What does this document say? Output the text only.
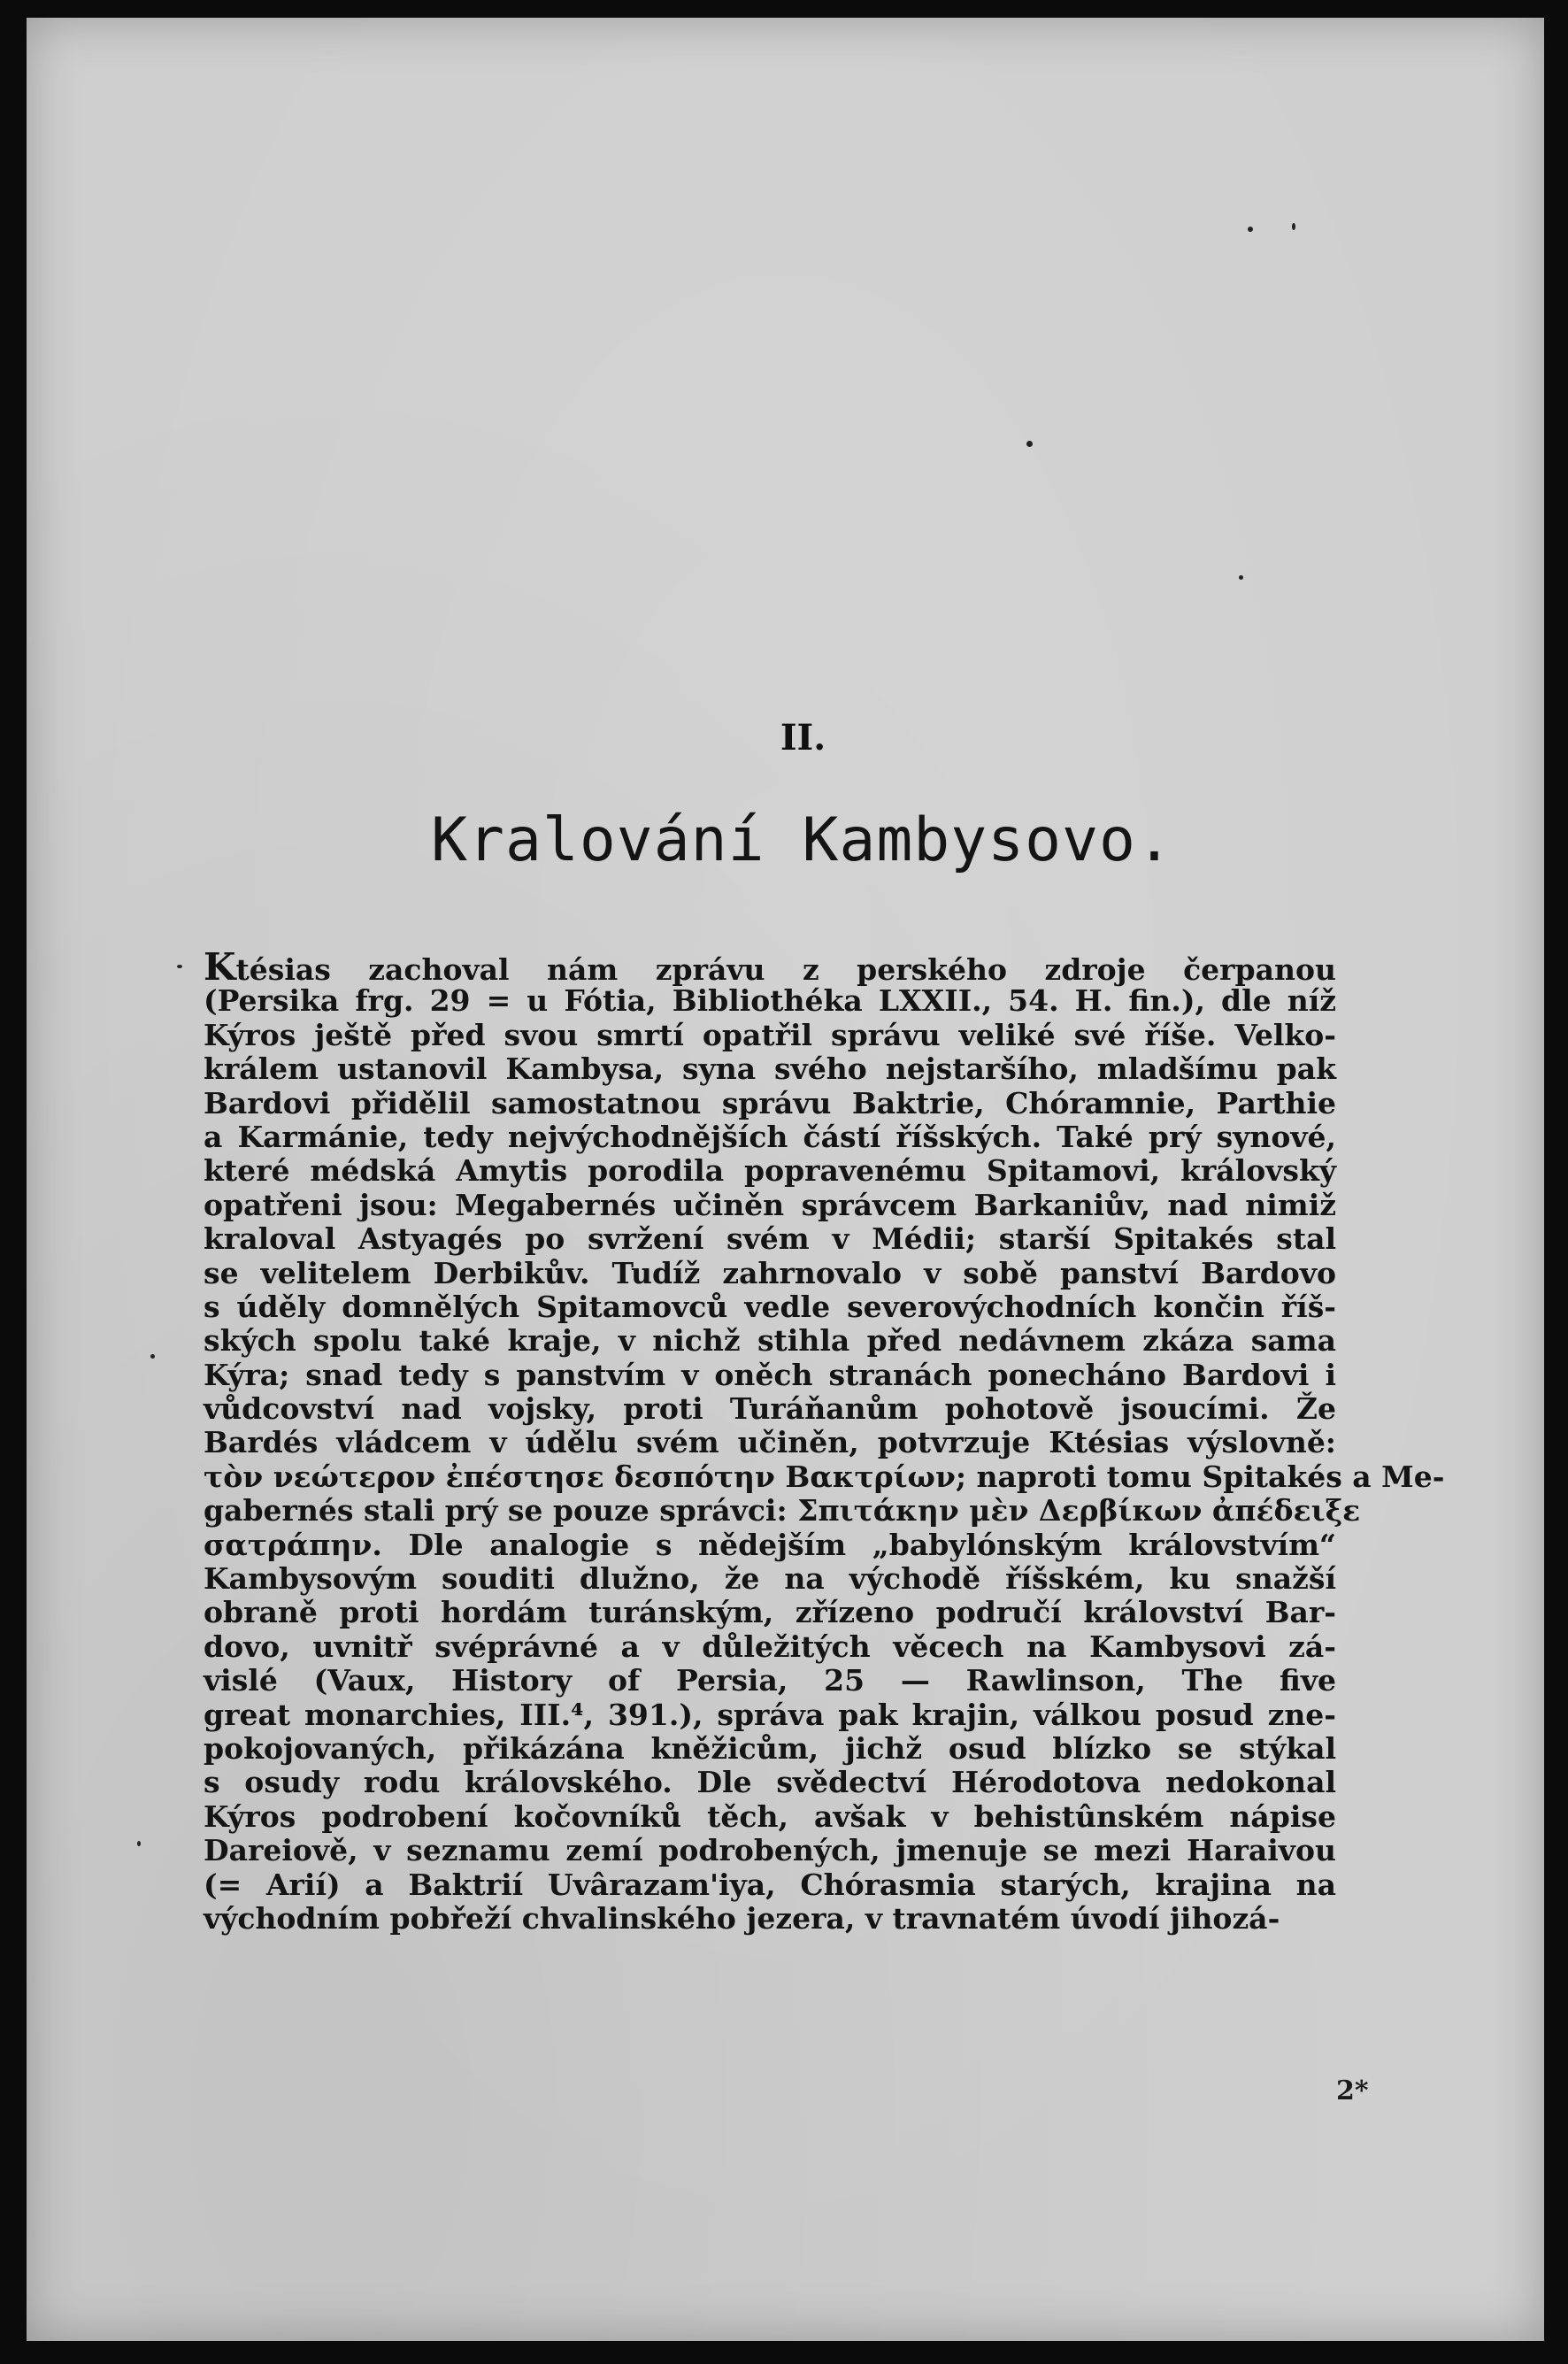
II.
Kralování Kambysovo.
Ktésias zachoval nám zprávu z perského zdroje čerpanou
(Persika frg. 29 = u Fótia, Bibliothéka LXXII., 54. H. fin.), dle níž
Kýros ještě před svou smrtí opatřil správu veliké své říše. Velko-
králem ustanovil Kambysa, syna svého nejstaršího, mladšímu pak
Bardovi přidělil samostatnou správu Baktrie, Chóramnie, Parthie
a Karmánie, tedy nejvýchodnějších částí říšských. Také prý synové,
které médská Amytis porodila popravenému Spitamovi, královský
opatřeni jsou: Megabernés učiněn správcem Barkaniův, nad nimiž
kraloval Astyagés po svržení svém v Médii; starší Spitakés stal
se velitelem Derbikův. Tudíž zahrnovalo v sobě panství Bardovo
s úděly domnělých Spitamovců vedle severovýchodních končin říš-
ských spolu také kraje, v nichž stihla před nedávnem zkáza sama
Kýra; snad tedy s panstvím v oněch stranách ponecháno Bardovi i
vůdcovství nad vojsky, proti Turáňanům pohotově jsoucími. Že
Bardés vládcem v údělu svém učiněn, potvrzuje Ktésias výslovně:
τὸν νεώτερον ἐπέστησε δεσπότην Βακτρίων; naproti tomu Spitakés a Me-
gabernés stali prý se pouze správci: Σπιτάκην μὲν Δερβίκων ἀπέδειξε
σατράπην. Dle analogie s nědejším „babylónským královstvím“
Kambysovým souditi dlužno, že na východě říšském, ku snažší
obraně proti hordám turánským, zřízeno područí království Bar-
dovo, uvnitř svéprávné a v důležitých věcech na Kambysovi zá-
vislé (Vaux, History of Persia, 25 — Rawlinson, The five
great monarchies, III.⁴, 391.), správa pak krajin, válkou posud zne-
pokojovaných, přikázána kněžicům, jichž osud blízko se stýkal
s osudy rodu královského. Dle svědectví Hérodotova nedokonal
Kýros podrobení kočovníků těch, avšak v behistûnském nápise
Dareiově, v seznamu zemí podrobených, jmenuje se mezi Haraivou
(= Arií) a Baktrií Uvârazam'iya, Chórasmia starých, krajina na
východním pobřeží chvalinského jezera, v travnatém úvodí jihozá-
2*
